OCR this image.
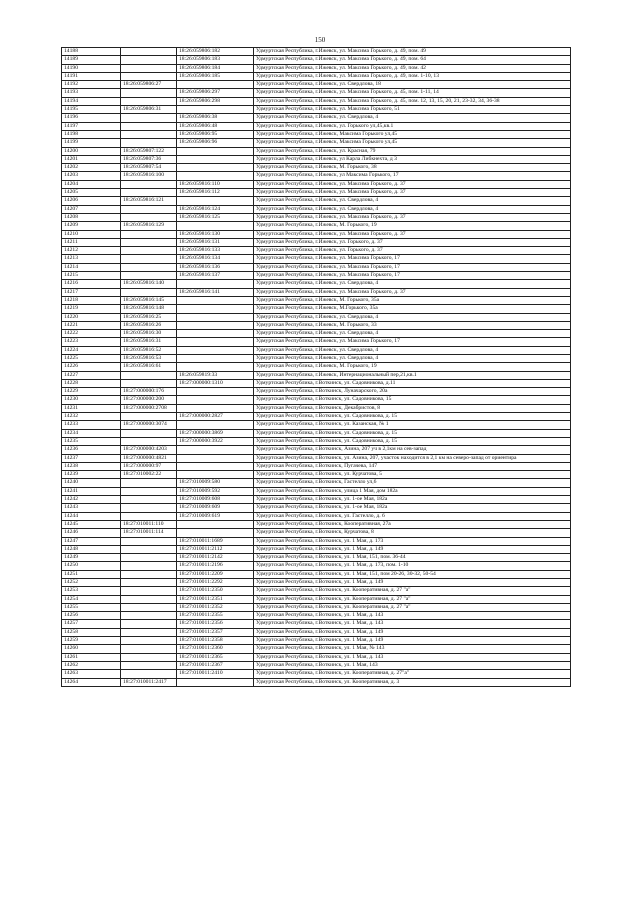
150
14188		18:26:059806:182	Удмуртская Республика, г.Ижевск, ул. Максима Горького, д. 49, пом. 49
14189		18:26:059806:183	Удмуртская Республика, г.Ижевск, ул. Максима Горького, д. 49, пом. 64
14190		18:26:059806:184	Удмуртская Республика, г.Ижевск, ул. Максима Горького, д. 49, пом. 42
14191		18:26:059806:185	Удмуртская Республика, г.Ижевск, ул. Максима Горького, д. 49, пом. 1-10, 13
14192	18:26:059806:27		Удмуртская Республика, г.Ижевск, ул. Свердлова, 18
14193		18:26:059806:297	Удмуртская Республика, г.Ижевск, ул. Максима Горького, д. 45, пом. 1-11, 14
14194		18:26:059806:298	Удмуртская Республика, г.Ижевск, ул. Максима Горького, д. 45, пом. 12, 13, 15, 20, 21, 23-32, 34, 36-38
14195	18:26:059806:31		Удмуртская Республика, г.Ижевск, ул. Максима Горького, 51
14196		18:26:059806:38	Удмуртская Республика, г.Ижевск, ул. Свердлова, 4
14197		18:26:059806:48	Удмуртская Республика, г.Ижевск, ул. Горького ул,45,кв.1
14198		18:26:059806:95	Удмуртская Республика, г.Ижевск, Максима Горького ул,45
14199		18:26:059806:96	Удмуртская Республика, г.Ижевск, Максима Горького ул,45
14200	18:26:059807:122		Удмуртская Республика, г.Ижевск, ул. Красная, 79
14201	18:26:059807:36		Удмуртская Республика, г.Ижевск, ул Карла Либкнехта, д 3
14202	18:26:059807:54		Удмуртская Республика, г.Ижевск, М. Горького, 38
14203	18:26:059816:100		Удмуртская Республика, г.Ижевск, ул Максима Горького, 17
14204		18:26:059816:110	Удмуртская Республика, г.Ижевск, ул. Максима Горького, д. 37
14205		18:26:059816:112	Удмуртская Республика, г.Ижевск, ул. Максима Горького, д. 37
14206	18:26:059816:121		Удмуртская Республика, г.Ижевск, ул. Свердлова, 4
14207		18:26:059816:124	Удмуртская Республика, г.Ижевск, ул. Свердлова, 4
14208		18:26:059816:125	Удмуртская Республика, г.Ижевск, ул. Максима Горького, д. 37
14209	18:26:059816:129		Удмуртская Республика, г.Ижевск, М. Горького, 19
14210		18:26:059816:130	Удмуртская Республика, г.Ижевск, ул. Максима Горького, д. 37
14211		18:26:059816:131	Удмуртская Республика, г.Ижевск, ул. Горького, д. 37
14212		18:26:059816:133	Удмуртская Республика, г.Ижевск, ул. Горького, д. 37
14213		18:26:059816:134	Удмуртская Республика, г.Ижевск, ул. Максима Горького, 17
14214		18:26:059816:136	Удмуртская Республика, г.Ижевск, ул. Максима Горького, 17
14215		18:26:059816:137	Удмуртская Республика, г.Ижевск, ул. Максима Горького, 17
14216	18:26:059816:140		Удмуртская Республика, г.Ижевск, ул. Свердлова, 4
14217		18:26:059816:141	Удмуртская Республика, г.Ижевск, ул. Максима Горького, д. 37
14218	18:26:059816:145		Удмуртская Республика, г.Ижевск, М. Горького, 35а
14219	18:26:059816:148		Удмуртская Республика, г.Ижевск, М.Горького, 35а
14220	18:26:059816:25		Удмуртская Республика, г.Ижевск, ул. Свердлова, 4
14221	18:26:059816:26		Удмуртская Республика, г.Ижевск, М. Горького, 33
14222	18:26:059816:30		Удмуртская Республика, г.Ижевск, ул. Свердлова, 4
14223	18:26:059816:31		Удмуртская Республика, г.Ижевск, ул. Максима Горького, 17
14224	18:26:059816:52		Удмуртская Республика, г.Ижевск, ул. Свердлова, 4
14225	18:26:059816:53		Удмуртская Республика, г.Ижевск, ул. Свердлова, 4
14226	18:26:059816:61		Удмуртская Республика, г.Ижевск, М. Горького, 19
14227		18:26:059819:33	Удмуртская Республика, г.Ижевск, Интернациональный пер,21,кв.1
14228		18:27:000000:1310	Удмуртская Республика, г.Воткинск, ул. Садовникова, д.11
14229	18:27:000000:176		Удмуртская Республика, г.Воткинск, Луначарского, 20а
14230	18:27:000000:200		Удмуртская Республика, г.Воткинск, ул. Садовникова, 15
14231	18:27:000000:2708		Удмуртская Республика, г.Воткинск, Декабристов, 8
14232		18:27:000000:2827	Удмуртская Республика, г.Воткинск, ул. Садовникова, д. 15
14233	18:27:000000:3074		Удмуртская Республика, г.Воткинск, ул. Казанская, № 1
14234		18:27:000000:3869	Удмуртская Республика, г.Воткинск, ул. Садовникова, д. 15
14235		18:27:000000:3922	Удмуртская Республика, г.Воткинск, ул. Садовникова, д. 15
14236	18:27:000000:4203		Удмуртская Республика, г.Воткинск, Азина, 207 уч в 2,1км на сев-запад
14237	18:27:000000:4821		Удмуртская Республика, г.Воткинск, ул. Азина, 207, участок находится в 2,1 км на северо-запад от ориентира
14238	18:27:000000:97		Удмуртская Республика, г.Воткинск, Пугачева, 147
14239	18:27:010002:22		Удмуртская Республика, г.Воткинск, ул. Курчатова, 5
14240		18:27:010009:580	Удмуртская Республика, г.Воткинск, Гастелло ул,6
14241		18:27:010009:592	Удмуртская Республика, г.Воткинск, улица 1 Мая, дом 182а
14242		18:27:010009:608	Удмуртская Республика, г.Воткинск, ул. 1-ое Мая, 182а
14243		18:27:010009:609	Удмуртская Республика, г.Воткинск, ул. 1-ое Мая, 182а
14244		18:27:010009:619	Удмуртская Республика, г.Воткинск, ул. Гастелло, д. 6
14245	18:27:010011:110		Удмуртская Республика, г.Воткинск, Кооперативная, 27а
14246	18:27:010011:114		Удмуртская Республика, г.Воткинск, Курчатова, 8
14247		18:27:010011:1689	Удмуртская Республика, г.Воткинск, ул. 1 Мая, д. 173
14248		18:27:010011:2112	Удмуртская Республика, г.Воткинск, ул. 1 Мая, д. 149
14249		18:27:010011:2142	Удмуртская Республика, г.Воткинск, ул. 1 Мая, 151, пом. 36-44
14250		18:27:010011:2196	Удмуртская Республика, г.Воткинск, ул. 1 Мая, д. 173, пом. 1-10
14251		18:27:010011:2209	Удмуртская Республика, г.Воткинск, ул. 1 Мая, 151, пом 20-26, 30-32, 50-54
14252		18:27:010011:2292	Удмуртская Республика, г.Воткинск, ул. 1 Мая, д. 149
14253		18:27:010011:2350	Удмуртская Республика, г.Воткинск, ул. Кооперативная, д. 27 "а"
14254		18:27:010011:2351	Удмуртская Республика, г.Воткинск, ул. Кооперативная, д. 27 "а"
14255		18:27:010011:2352	Удмуртская Республика, г.Воткинск, ул. Кооперативная, д. 27 "а"
14256		18:27:010011:2355	Удмуртская Республика, г.Воткинск, ул. 1 Мая, д. 143
14257		18:27:010011:2356	Удмуртская Республика, г.Воткинск, ул. 1 Мая, д. 143
14258		18:27:010011:2357	Удмуртская Республика, г.Воткинск, ул. 1 Мая, д. 149
14259		18:27:010011:2358	Удмуртская Республика, г.Воткинск, ул. 1 Мая, д. 149
14260		18:27:010011:2360	Удмуртская Республика, г.Воткинск, ул. 1 Мая, № 143
14261		18:27:010011:2365	Удмуртская Республика, г.Воткинск, ул. 1 Мая, д. 143
14262		18:27:010011:2367	Удмуртская Республика, г.Воткинск, ул. 1 Мая, 143
14263		18:27:010011:2410	Удмуртская Республика, г.Воткинск, ул. Кооперативная, д. 27"а"
14264	18:27:010011:2417		Удмуртская Республика, г.Воткинск, ул. Кооперативная, д. 3
